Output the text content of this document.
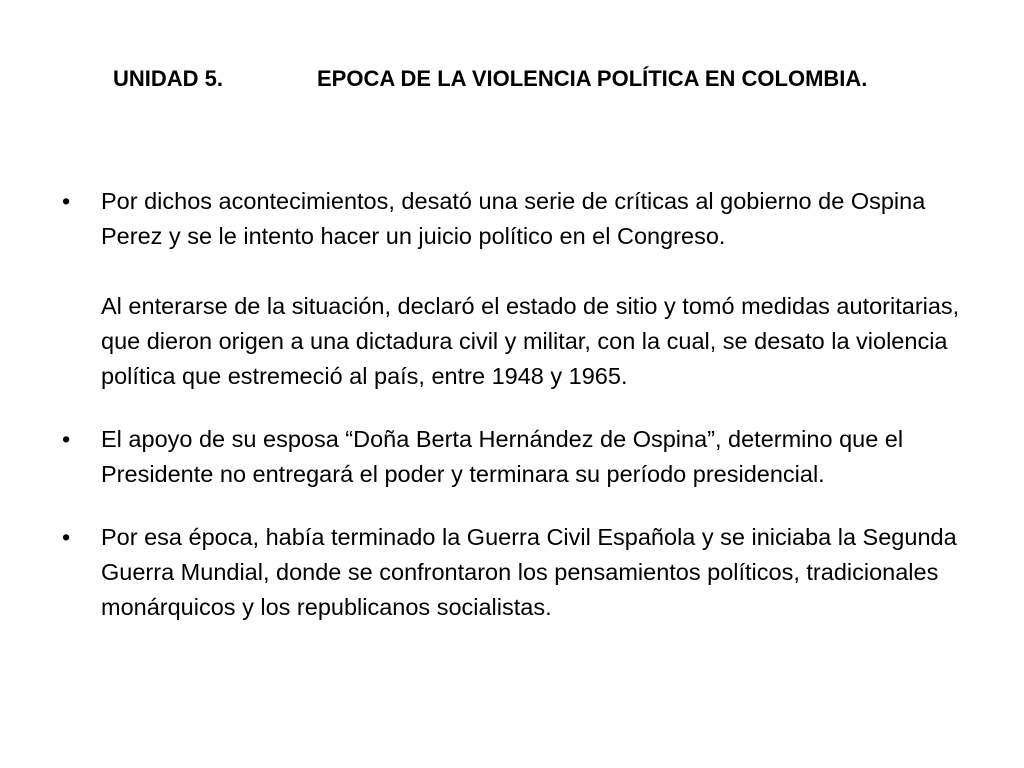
UNIDAD 5.	EPOCA DE LA VIOLENCIA POLÍTICA EN COLOMBIA.
•	Por dichos acontecimientos, desató una serie de críticas al gobierno de Ospina Perez y se le intento hacer un juicio político en el Congreso.

Al enterarse de la situación, declaró el estado de sitio y tomó medidas autoritarias, que dieron origen a una dictadura civil y militar, con la cual, se desato la violencia política que estremeció al país, entre 1948 y 1965.

•	El apoyo de su esposa “Doña Berta Hernández de Ospina”, determino que el Presidente no entregará el poder y terminara su período presidencial.

•	Por esa época, había terminado la Guerra Civil Española y se iniciaba la Segunda Guerra Mundial, donde se confrontaron los pensamientos políticos, tradicionales monárquicos y los republicanos socialistas.
